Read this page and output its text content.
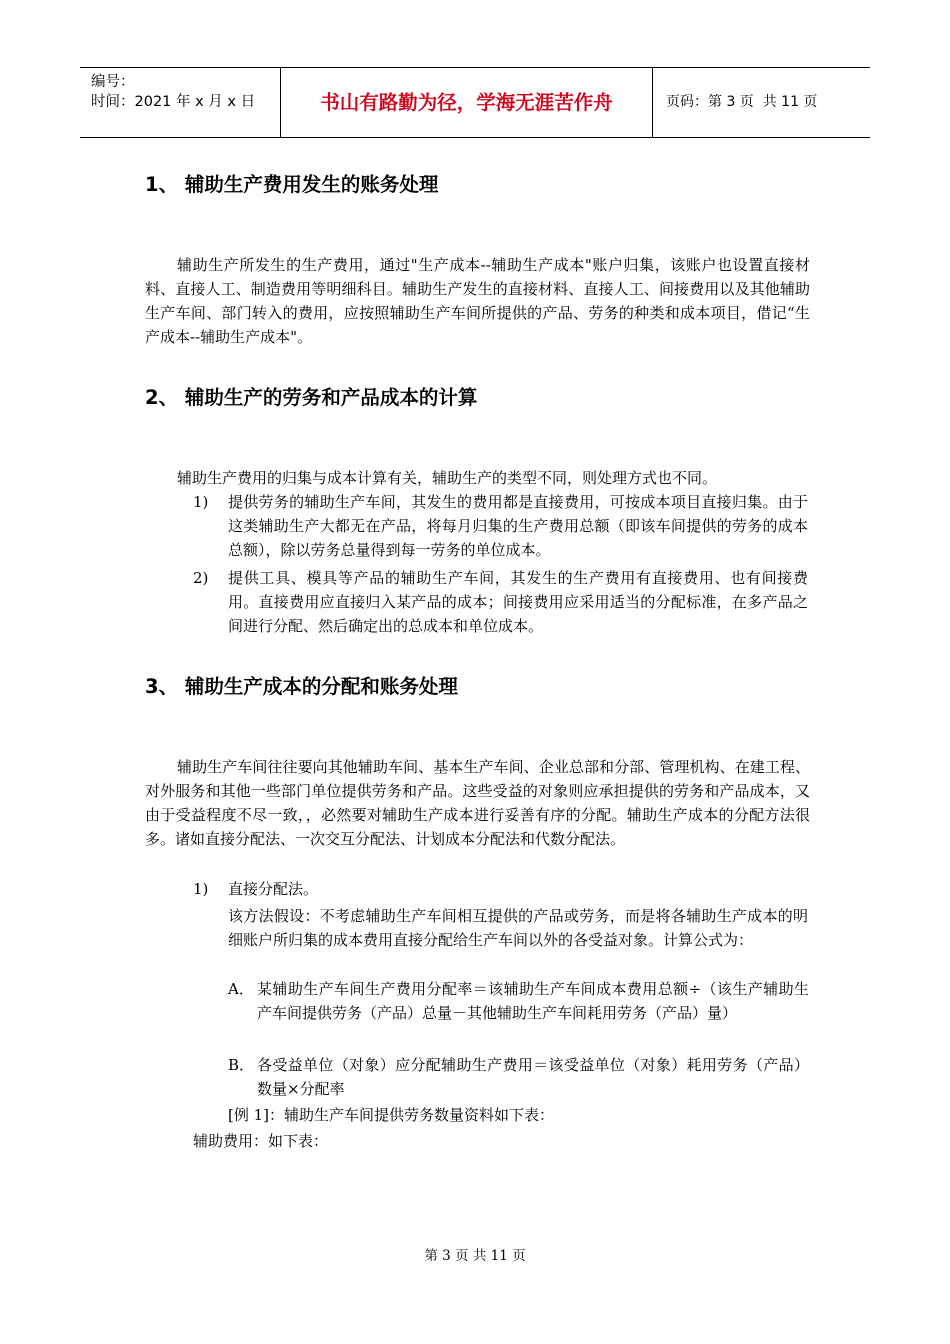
编号：
时间：2021 年 x 月 x 日	书山有路勤为径，学海无涯苦作舟	页码：第 3 页  共 11 页
1、 辅助生产费用发生的账务处理
辅助生产所发生的生产费用，通过"生产成本--辅助生产成本"账户归集，该账户也设置直接材料、直接人工、制造费用等明细科目。辅助生产发生的直接材料、直接人工、间接费用以及其他辅助生产车间、部门转入的费用，应按照辅助生产车间所提供的产品、劳务的种类和成本项目，借记“生产成本--辅助生产成本"。
2、 辅助生产的劳务和产品成本的计算
辅助生产费用的归集与成本计算有关，辅助生产的类型不同，则处理方式也不同。
1) 提供劳务的辅助生产车间，其发生的费用都是直接费用，可按成本项目直接归集。由于这类辅助生产大都无在产品，将每月归集的生产费用总额（即该车间提供的劳务的成本总额），除以劳务总量得到每一劳务的单位成本。
2) 提供工具、模具等产品的辅助生产车间，其发生的生产费用有直接费用、也有间接费用。直接费用应直接归入某产品的成本；间接费用应采用适当的分配标准，在多产品之间进行分配、然后确定出的总成本和单位成本。
3、 辅助生产成本的分配和账务处理
辅助生产车间往往要向其他辅助车间、基本生产车间、企业总部和分部、管理机构、在建工程、对外服务和其他一些部门单位提供劳务和产品。这些受益的对象则应承担提供的劳务和产品成本，又由于受益程度不尽一致，，必然要对辅助生产成本进行妥善有序的分配。辅助生产成本的分配方法很多。诸如直接分配法、一次交互分配法、计划成本分配法和代数分配法。
1) 直接分配法。
该方法假设：不考虑辅助生产车间相互提供的产品或劳务，而是将各辅助生产成本的明细账户所归集的成本费用直接分配给生产车间以外的各受益对象。计算公式为：
A． 某辅助生产车间生产费用分配率＝该辅助生产车间成本费用总额÷（该生产辅助生产车间提供劳务（产品）总量－其他辅助生产车间耗用劳务（产品）量）
B． 各受益单位（对象）应分配辅助生产费用＝该受益单位（对象）耗用劳务（产品）数量×分配率
[例 1]：辅助生产车间提供劳务数量资料如下表：
辅助费用：如下表：
第 3 页 共 11 页
